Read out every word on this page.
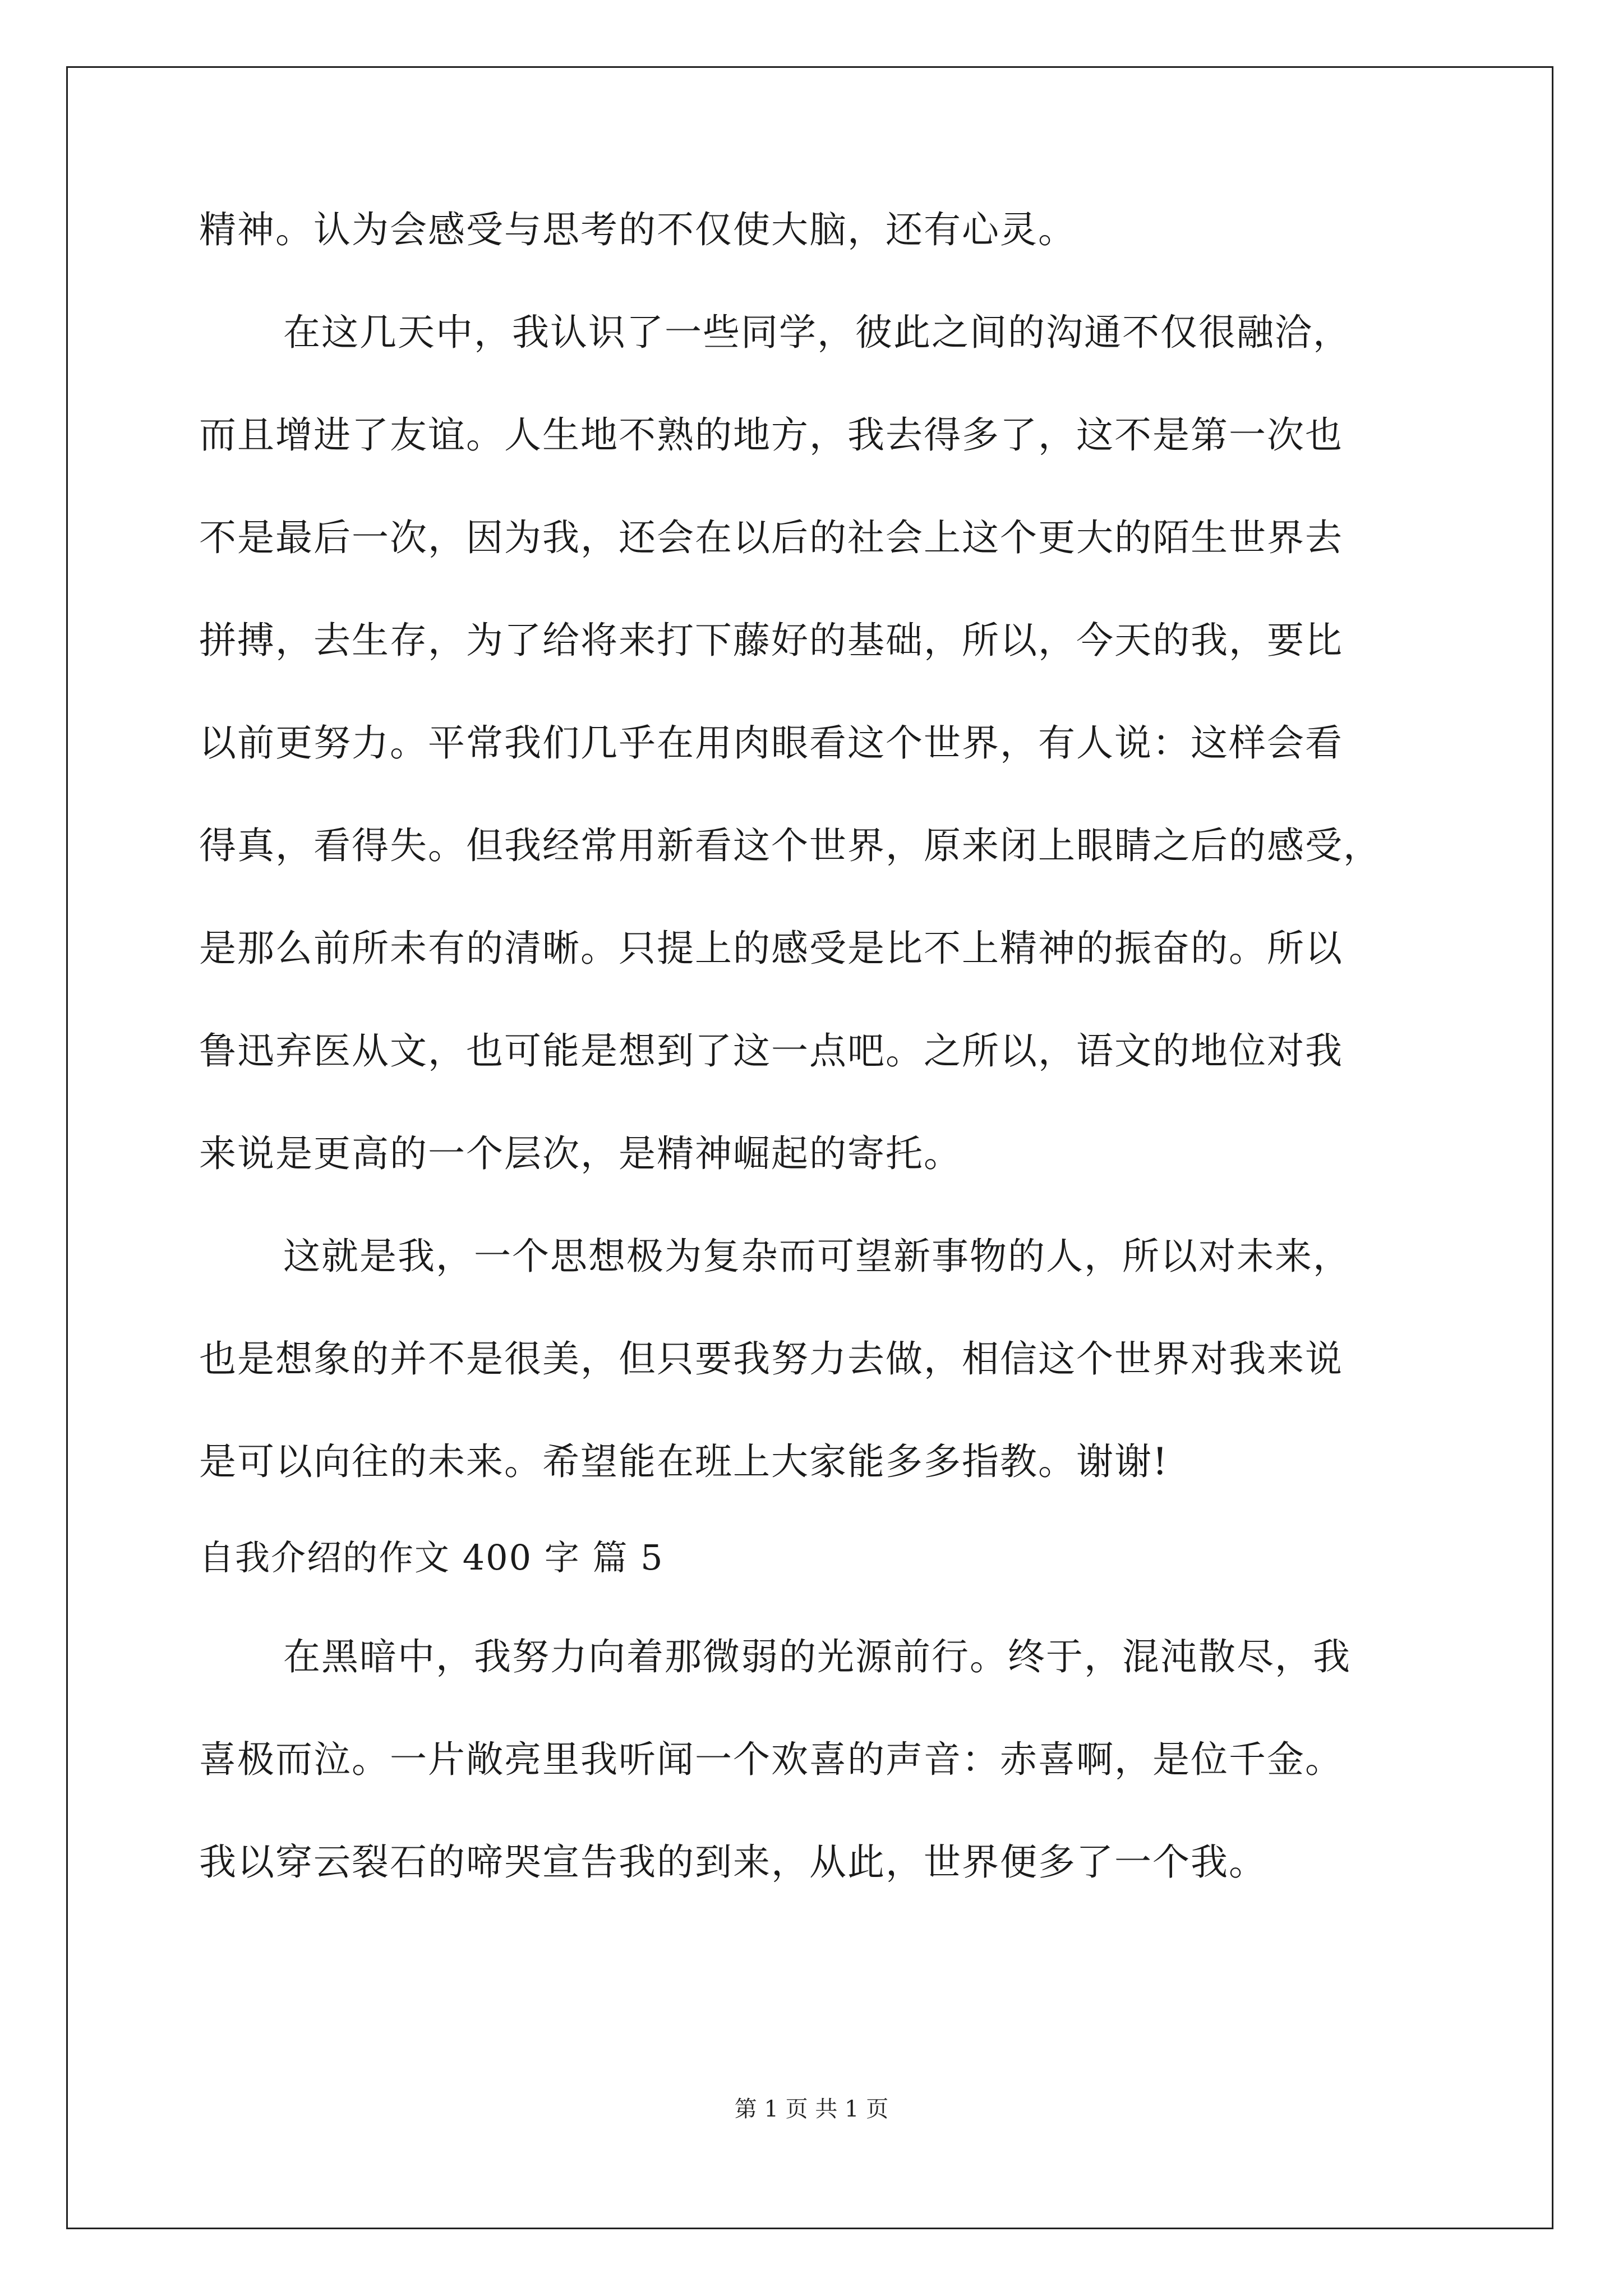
精神。认为会感受与思考的不仅使大脑，还有心灵。
在这几天中，我认识了一些同学，彼此之间的沟通不仅很融洽，
而且增进了友谊。人生地不熟的地方，我去得多了，这不是第一次也
不是最后一次，因为我，还会在以后的社会上这个更大的陌生世界去
拼搏，去生存，为了给将来打下藤好的基础，所以，今天的我，要比
以前更努力。平常我们几乎在用肉眼看这个世界，有人说：这样会看
得真，看得失。但我经常用新看这个世界，原来闭上眼睛之后的感受，
是那么前所未有的清晰。只提上的感受是比不上精神的振奋的。所以
鲁迅弃医从文，也可能是想到了这一点吧。之所以，语文的地位对我
来说是更高的一个层次，是精神崛起的寄托。
这就是我，一个思想极为复杂而可望新事物的人，所以对未来，
也是想象的并不是很美，但只要我努力去做，相信这个世界对我来说
是可以向往的未来。希望能在班上大家能多多指教。谢谢!
自我介绍的作文 400 字 篇 5
在黑暗中，我努力向着那微弱的光源前行。终于，混沌散尽，我
喜极而泣。一片敞亮里我听闻一个欢喜的声音：赤喜啊，是位千金。
我以穿云裂石的啼哭宣告我的到来，从此，世界便多了一个我。
第 1 页 共 1 页
